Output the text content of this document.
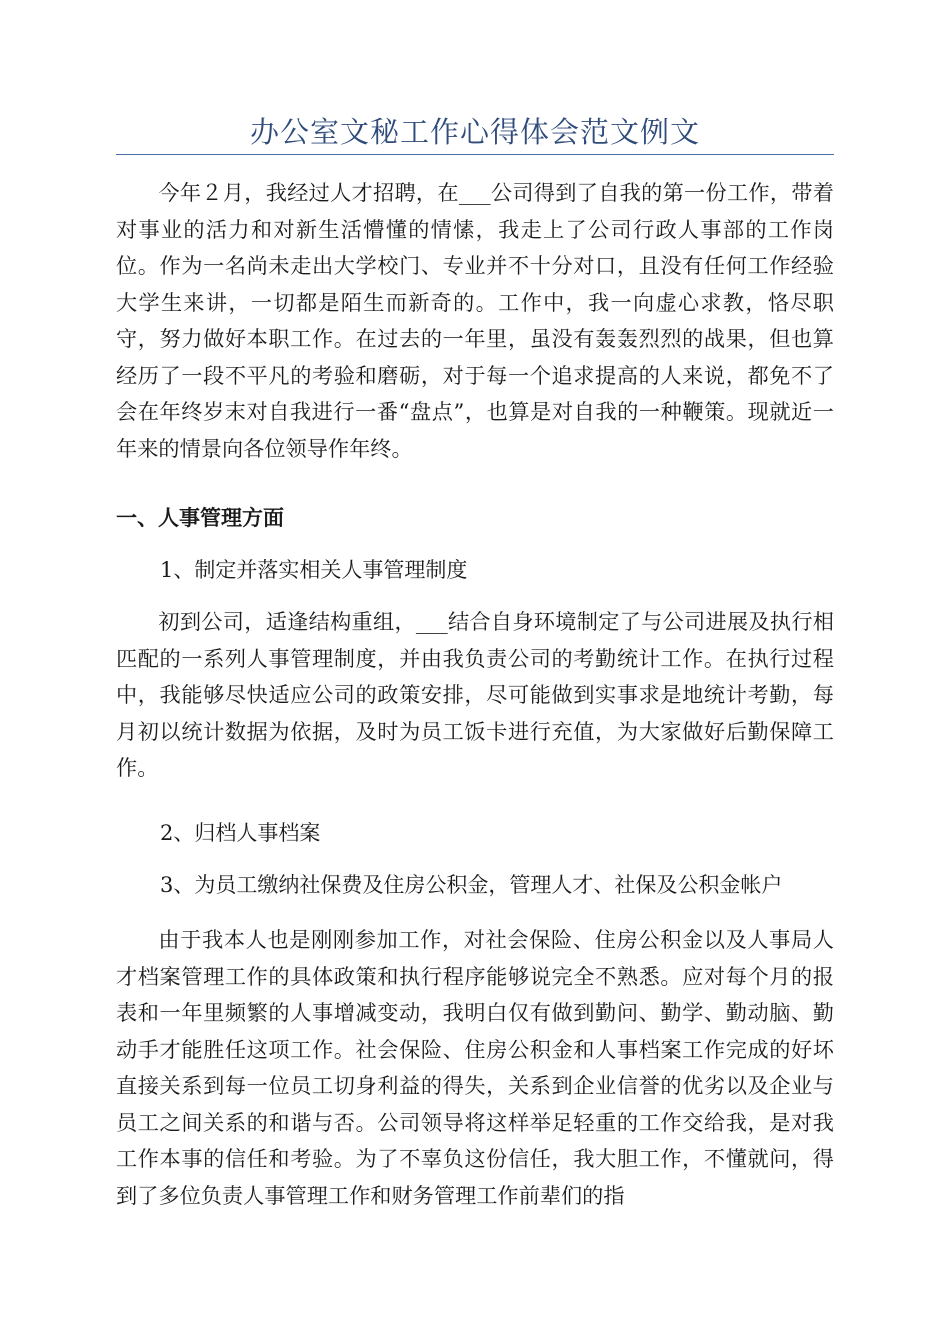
办公室文秘工作心得体会范文例文

今年２月，我经过人才招聘，在___公司得到了自我的第一份工作，带着对事业的活力和对新生活懵懂的情愫，我走上了公司行政人事部的工作岗位。作为一名尚未走出大学校门、专业并不十分对口，且没有任何工作经验大学生来讲，一切都是陌生而新奇的。工作中，我一向虚心求教，恪尽职守，努力做好本职工作。在过去的一年里，虽没有轰轰烈烈的战果，但也算经历了一段不平凡的考验和磨砺，对于每一个追求提高的人来说，都免不了会在年终岁末对自我进行一番“盘点”，也算是对自我的一种鞭策。现就近一年来的情景向各位领导作年终。

一、人事管理方面

1、制定并落实相关人事管理制度

初到公司，适逢结构重组，___结合自身环境制定了与公司进展及执行相匹配的一系列人事管理制度，并由我负责公司的考勤统计工作。在执行过程中，我能够尽快适应公司的政策安排，尽可能做到实事求是地统计考勤，每月初以统计数据为依据，及时为员工饭卡进行充值，为大家做好后勤保障工作。

2、归档人事档案

3、为员工缴纳社保费及住房公积金，管理人才、社保及公积金帐户

由于我本人也是刚刚参加工作，对社会保险、住房公积金以及人事局人才档案管理工作的具体政策和执行程序能够说完全不熟悉。应对每个月的报表和一年里频繁的人事增减变动，我明白仅有做到勤问、勤学、勤动脑、勤动手才能胜任这项工作。社会保险、住房公积金和人事档案工作完成的好坏直接关系到每一位员工切身利益的得失，关系到企业信誉的优劣以及企业与员工之间关系的和谐与否。公司领导将这样举足轻重的工作交给我，是对我工作本事的信任和考验。为了不辜负这份信任，我大胆工作，不懂就问，得到了多位负责人事管理工作和财务管理工作前辈们的指
